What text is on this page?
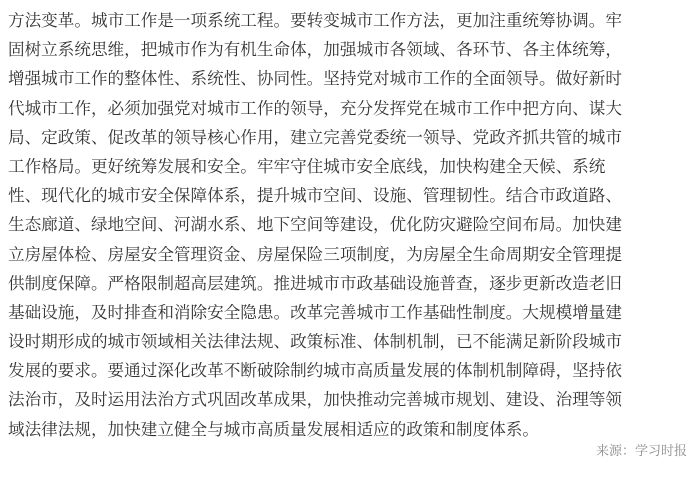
方法变革。城市工作是一项系统工程。要转变城市工作方法，更加注重统筹协调。牢
固树立系统思维，把城市作为有机生命体，加强城市各领域、各环节、各主体统筹，
增强城市工作的整体性、系统性、协同性。坚持党对城市工作的全面领导。做好新时
代城市工作，必须加强党对城市工作的领导，充分发挥党在城市工作中把方向、谋大
局、定政策、促改革的领导核心作用，建立完善党委统一领导、党政齐抓共管的城市
工作格局。更好统筹发展和安全。牢牢守住城市安全底线，加快构建全天候、系统
性、现代化的城市安全保障体系，提升城市空间、设施、管理韧性。结合市政道路、
生态廊道、绿地空间、河湖水系、地下空间等建设，优化防灾避险空间布局。加快建
立房屋体检、房屋安全管理资金、房屋保险三项制度，为房屋全生命周期安全管理提
供制度保障。严格限制超高层建筑。推进城市市政基础设施普查，逐步更新改造老旧
基础设施，及时排查和消除安全隐患。改革完善城市工作基础性制度。大规模增量建
设时期形成的城市领域相关法律法规、政策标准、体制机制，已不能满足新阶段城市
发展的要求。要通过深化改革不断破除制约城市高质量发展的体制机制障碍，坚持依
法治市，及时运用法治方式巩固改革成果，加快推动完善城市规划、建设、治理等领
域法律法规，加快建立健全与城市高质量发展相适应的政策和制度体系。
来源：学习时报
